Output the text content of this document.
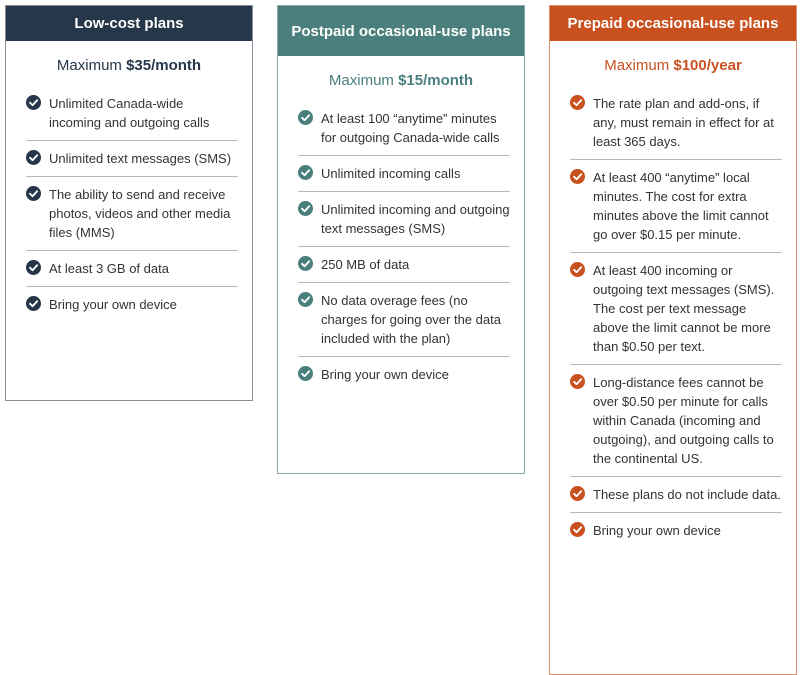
Low-cost plans
Maximum $35/month
Unlimited Canada-wide incoming and outgoing calls
Unlimited text messages (SMS)
The ability to send and receive photos, videos and other media files (MMS)
At least 3 GB of data
Bring your own device
Postpaid occasional-use plans
Maximum $15/month
At least 100 “anytime” minutes for outgoing Canada-wide calls
Unlimited incoming calls
Unlimited incoming and outgoing text messages (SMS)
250 MB of data
No data overage fees (no charges for going over the data included with the plan)
Bring your own device
Prepaid occasional-use plans
Maximum $100/year
The rate plan and add-ons, if any, must remain in effect for at least 365 days.
At least 400 “anytime” local minutes. The cost for extra minutes above the limit cannot go over $0.15 per minute.
At least 400 incoming or outgoing text messages (SMS). The cost per text message above the limit cannot be more than $0.50 per text.
Long-distance fees cannot be over $0.50 per minute for calls within Canada (incoming and outgoing), and outgoing calls to the continental US.
These plans do not include data.
Bring your own device
